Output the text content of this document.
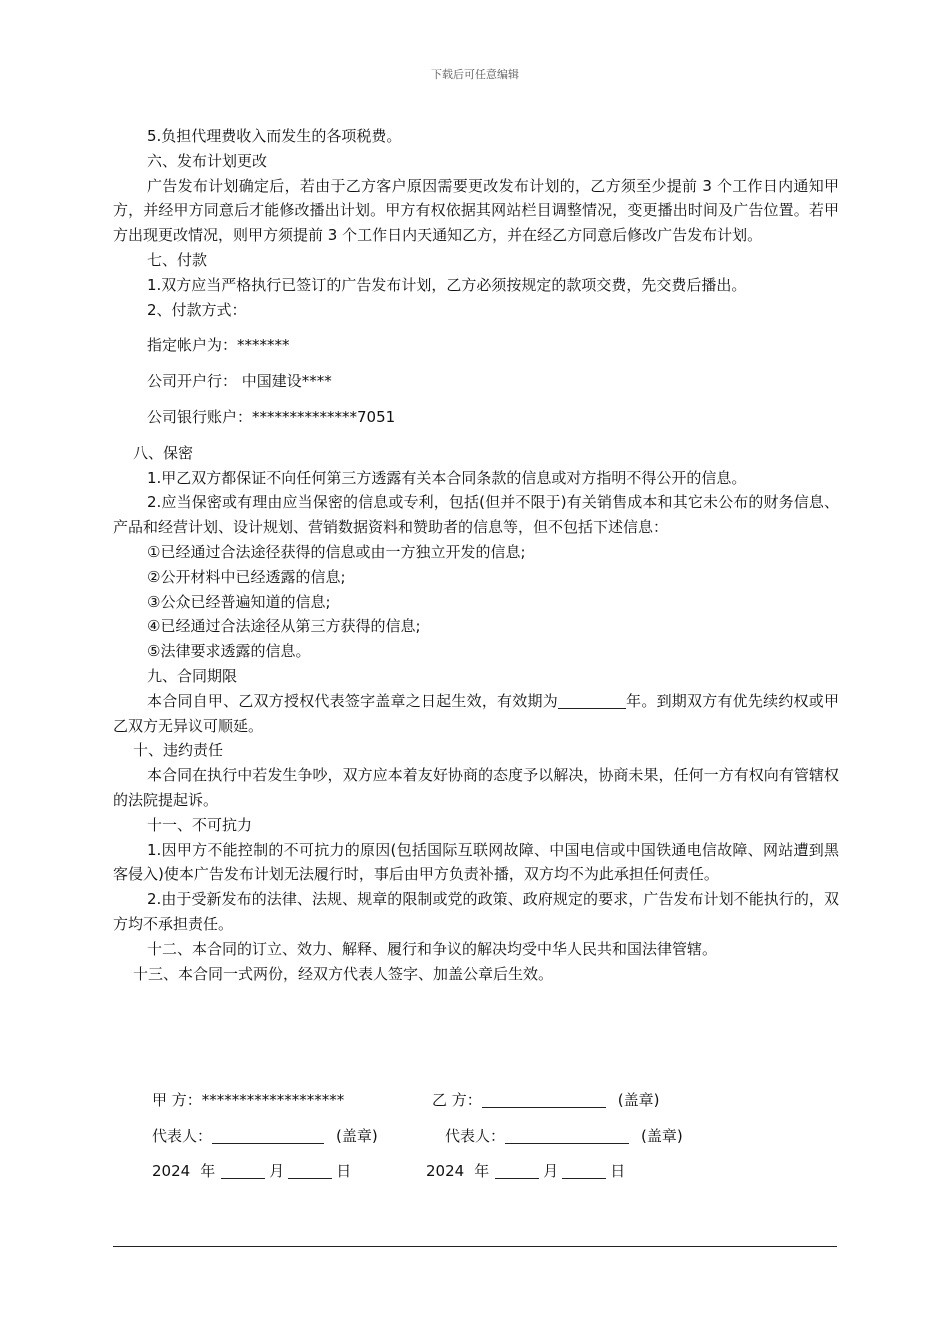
下载后可任意编辑

5.负担代理费收入而发生的各项税费。

六、发布计划更改

广告发布计划确定后，若由于乙方客户原因需要更改发布计划的，乙方须至少提前 3 个工作日内通知甲方，并经甲方同意后才能修改播出计划。甲方有权依据其网站栏目调整情况，变更播出时间及广告位置。若甲方出现更改情况，则甲方须提前 3 个工作日内天通知乙方，并在经乙方同意后修改广告发布计划。

七、付款

1.双方应当严格执行已签订的广告发布计划，乙方必须按规定的款项交费，先交费后播出。

2、付款方式：

指定帐户为：*******

公司开户行： 中国建设****

公司银行账户：**************7051

八、保密

1.甲乙双方都保证不向任何第三方透露有关本合同条款的信息或对方指明不得公开的信息。

2.应当保密或有理由应当保密的信息或专利，包括(但并不限于)有关销售成本和其它未公布的财务信息、产品和经营计划、设计规划、营销数据资料和赞助者的信息等，但不包括下述信息：

①已经通过合法途径获得的信息或由一方独立开发的信息;

②公开材料中已经透露的信息;

③公众已经普遍知道的信息;

④已经通过合法途径从第三方获得的信息;

⑤法律要求透露的信息。

九、合同期限

本合同自甲、乙双方授权代表签字盖章之日起生效，有效期为	年。到期双方有优先续约权或甲乙双方无异议可顺延。

十、违约责任

本合同在执行中若发生争吵，双方应本着友好协商的态度予以解决，协商未果，任何一方有权向有管辖权的法院提起诉。

十一、不可抗力

1.因甲方不能控制的不可抗力的原因(包括国际互联网故障、中国电信或中国铁通电信故障、网站遭到黑客侵入)使本广告发布计划无法履行时，事后由甲方负责补播，双方均不为此承担任何责任。

2.由于受新发布的法律、法规、规章的限制或党的政策、政府规定的要求，广告发布计划不能执行的，双方均不承担责任。

十二、本合同的订立、效力、解释、履行和争议的解决均受中华人民共和国法律管辖。

十三、本合同一式两份，经双方代表人签字、加盖公章后生效。

甲 方：*******************	乙 方：	(盖章)
代表人：	(盖章)	代表人：	(盖章)
2024 年	月	日	2024 年	月	日
